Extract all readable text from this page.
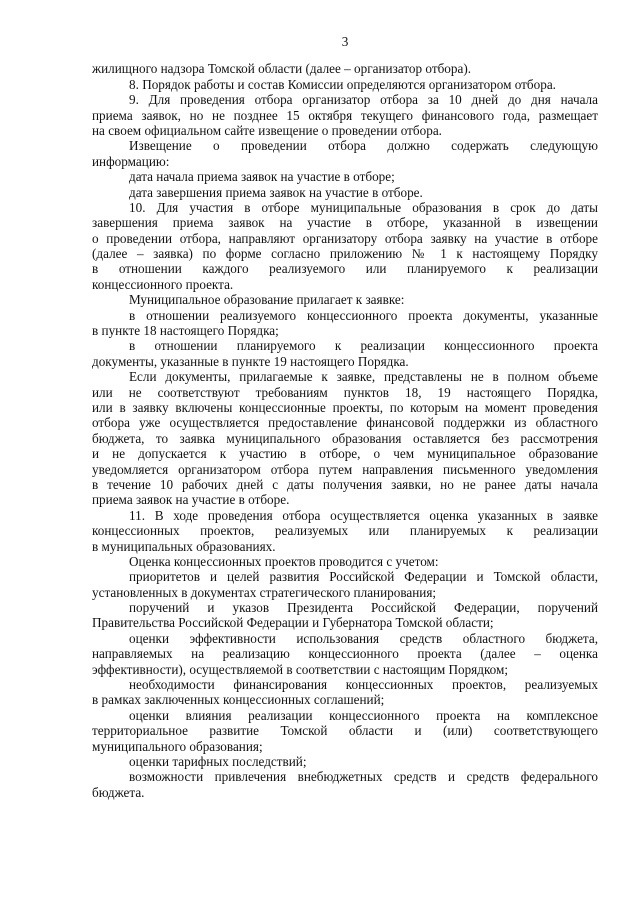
3
жилищного надзора Томской области (далее – организатор отбора).
8. Порядок работы и состав Комиссии определяются организатором отбора.
9. Для проведения отбора организатор отбора за 10 дней до дня начала
приема заявок, но не позднее 15 октября текущего финансового года, размещает
на своем официальном сайте извещение о проведении отбора.
Извещение о проведении отбора должно содержать следующую
информацию:
дата начала приема заявок на участие в отборе;
дата завершения приема заявок на участие в отборе.
10. Для участия в отборе муниципальные образования в срок до даты
завершения приема заявок на участие в отборе, указанной в извещении
о проведении отбора, направляют организатору отбора заявку на участие в отборе
(далее – заявка) по форме согласно приложению № 1 к настоящему Порядку
в отношении каждого реализуемого или планируемого к реализации
концессионного проекта.
Муниципальное образование прилагает к заявке:
в отношении реализуемого концессионного проекта документы, указанные
в пункте 18 настоящего Порядка;
в отношении планируемого к реализации концессионного проекта
документы, указанные в пункте 19 настоящего Порядка.
Если документы, прилагаемые к заявке, представлены не в полном объеме
или не соответствуют требованиям пунктов 18, 19 настоящего Порядка,
или в заявку включены концессионные проекты, по которым на момент проведения
отбора уже осуществляется предоставление финансовой поддержки из областного
бюджета, то заявка муниципального образования оставляется без рассмотрения
и не допускается к участию в отборе, о чем муниципальное образование
уведомляется организатором отбора путем направления письменного уведомления
в течение 10 рабочих дней с даты получения заявки, но не ранее даты начала
приема заявок на участие в отборе.
11. В ходе проведения отбора осуществляется оценка указанных в заявке
концессионных проектов, реализуемых или планируемых к реализации
в муниципальных образованиях.
Оценка концессионных проектов проводится с учетом:
приоритетов и целей развития Российской Федерации и Томской области,
установленных в документах стратегического планирования;
поручений и указов Президента Российской Федерации, поручений
Правительства Российской Федерации и Губернатора Томской области;
оценки эффективности использования средств областного бюджета,
направляемых на реализацию концессионного проекта (далее – оценка
эффективности), осуществляемой в соответствии с настоящим Порядком;
необходимости финансирования концессионных проектов, реализуемых
в рамках заключенных концессионных соглашений;
оценки влияния реализации концессионного проекта на комплексное
территориальное развитие Томской области и (или) соответствующего
муниципального образования;
оценки тарифных последствий;
возможности привлечения внебюджетных средств и средств федерального
бюджета.
